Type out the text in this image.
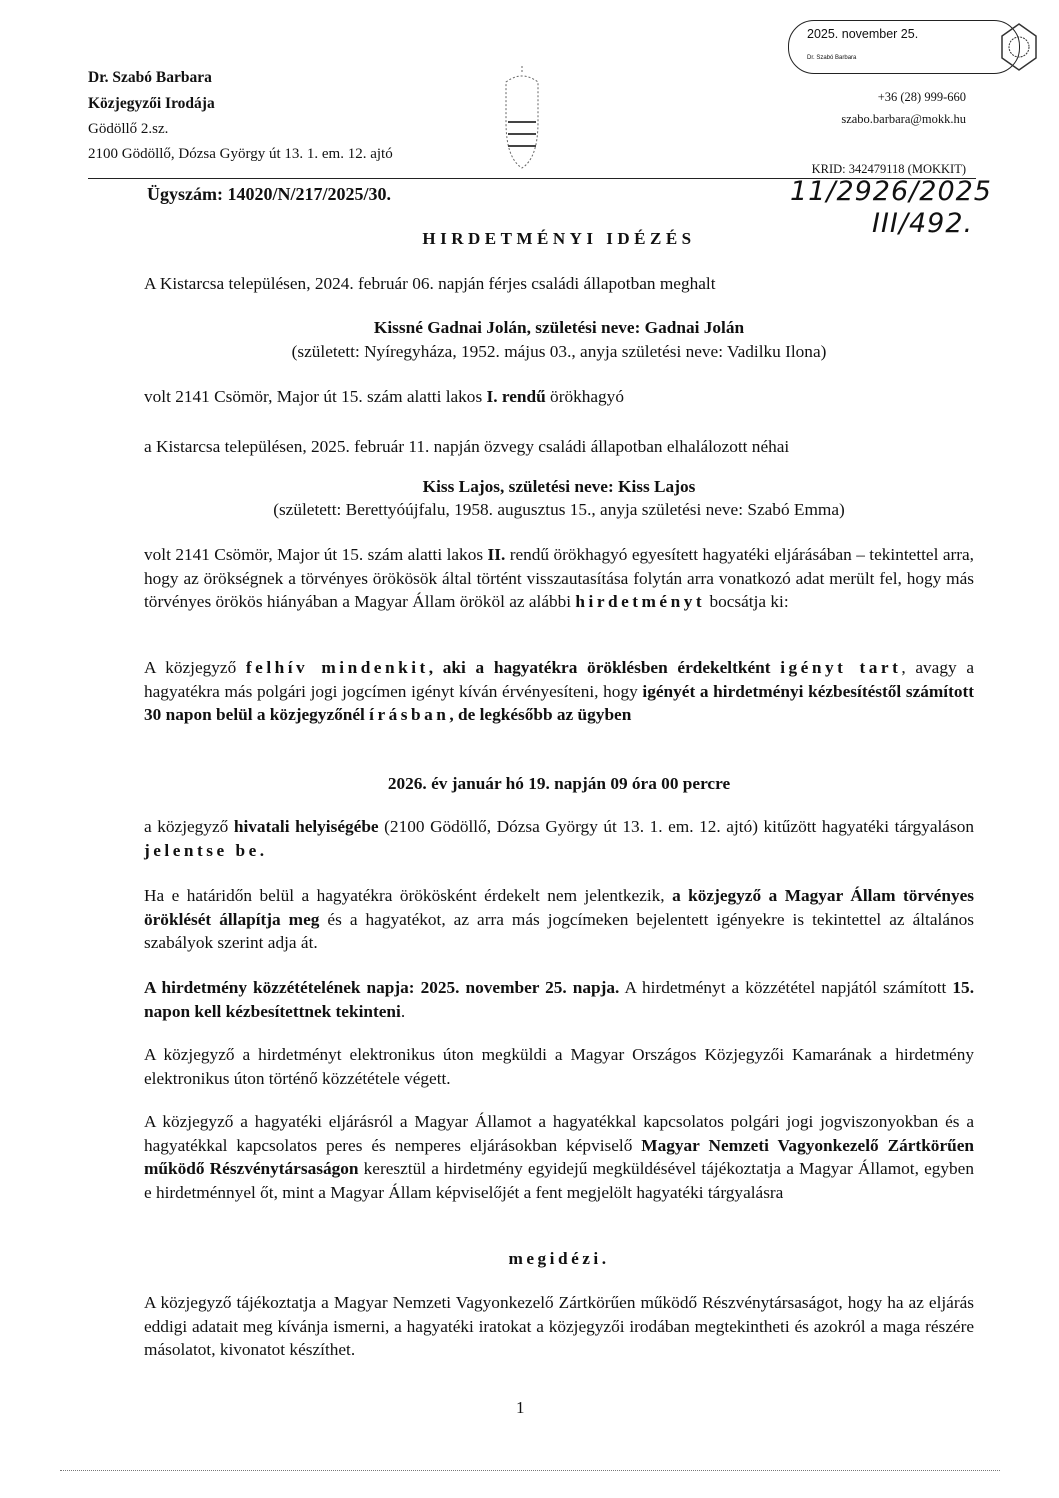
Dr. Szabó Barbara
Közjegyzői Irodája
Gödöllő 2.sz.
2100 Gödöllő, Dózsa György út 13. 1. em. 12. ajtó
2025. november 25.
Dr. Szabó Barbara
+36 (28) 999-660
szabo.barbara@mokk.hu
KRID: 342479118 (MOKKIT)
11/2926/2025
III/492.
Ügyszám: 14020/N/217/2025/30.
HIRDETMÉNYI IDÉZÉS
A Kistarcsa településen, 2024. február 06. napján férjes családi állapotban meghalt
Kissné Gadnai Jolán, születési neve: Gadnai Jolán
(született: Nyíregyháza, 1952. május 03., anyja születési neve: Vadilku Ilona)
volt 2141 Csömör, Major út 15. szám alatti lakos I. rendű örökhagyó
a Kistarcsa településen, 2025. február 11. napján özvegy családi állapotban elhalálozott néhai
Kiss Lajos, születési neve: Kiss Lajos
(született: Berettyóújfalu, 1958. augusztus 15., anyja születési neve: Szabó Emma)
volt 2141 Csömör, Major út 15. szám alatti lakos II. rendű örökhagyó egyesített hagyatéki eljárásában – tekintettel arra, hogy az örökségnek a törvényes örökösök által történt visszautasítása folytán arra vonatkozó adat merült fel, hogy más törvényes örökös hiányában a Magyar Állam örököl az alábbi hirdetményt bocsátja ki:
A közjegyző felhív mindenkit, aki a hagyatékra öröklésben érdekeltként igényt tart, avagy a hagyatékra más polgári jogi jogcímen igényt kíván érvényesíteni, hogy igényét a hirdetményi kézbesítéstől számított 30 napon belül a közjegyzőnél írásban, de legkésőbb az ügyben
2026. év január hó 19. napján 09 óra 00 percre
a közjegyző hivatali helyiségébe (2100 Gödöllő, Dózsa György út 13. 1. em. 12. ajtó) kitűzött hagyatéki tárgyaláson jelentse be.
Ha e határidőn belül a hagyatékra örökösként érdekelt nem jelentkezik, a közjegyző a Magyar Állam törvényes öröklését állapítja meg és a hagyatékot, az arra más jogcímeken bejelentett igényekre is tekintettel az általános szabályok szerint adja át.
A hirdetmény közzétételének napja: 2025. november 25. napja. A hirdetményt a közzététel napjától számított 15. napon kell kézbesítettnek tekinteni.
A közjegyző a hirdetményt elektronikus úton megküldi a Magyar Országos Közjegyzői Kamarának a hirdetmény elektronikus úton történő közzététele végett.
A közjegyző a hagyatéki eljárásról a Magyar Államot a hagyatékkal kapcsolatos polgári jogi jogviszonyokban és a hagyatékkal kapcsolatos peres és nemperes eljárásokban képviselő Magyar Nemzeti Vagyonkezelő Zártkörűen működő Részvénytársaságon keresztül a hirdetmény egyidejű megküldésével tájékoztatja a Magyar Államot, egyben e hirdetménnyel őt, mint a Magyar Állam képviselőjét a fent megjelölt hagyatéki tárgyalásra
megidézi.
A közjegyző tájékoztatja a Magyar Nemzeti Vagyonkezelő Zártkörűen működő Részvénytársaságot, hogy ha az eljárás eddigi adatait meg kívánja ismerni, a hagyatéki iratokat a közjegyzői irodában megtekintheti és azokról a maga részére másolatot, kivonatot készíthet.
1
